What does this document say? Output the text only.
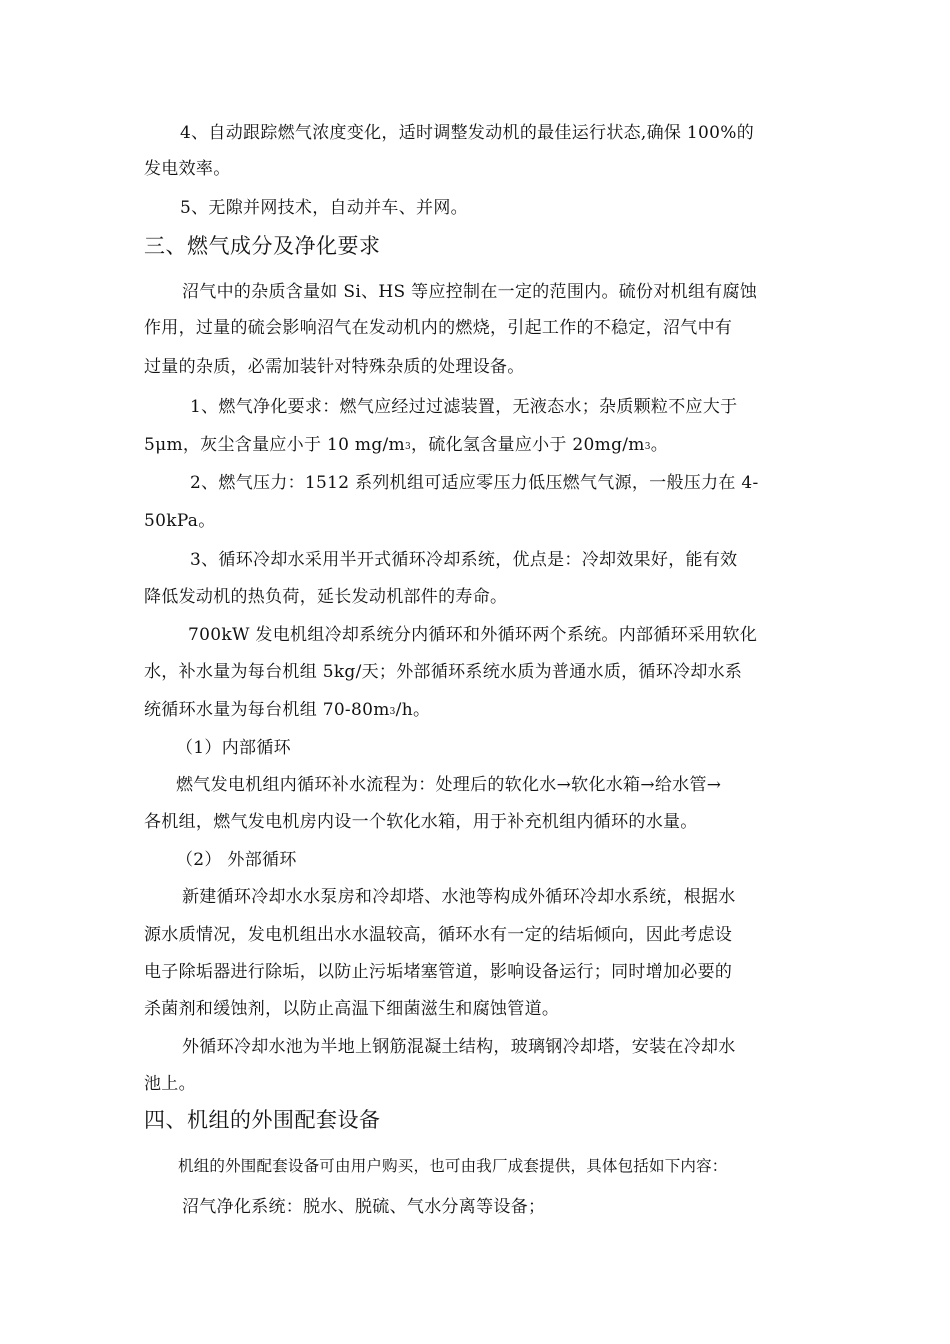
4、自动跟踪燃气浓度变化，适时调整发动机的最佳运行状态,确保 100%的
发电效率。
5、无隙并网技术，自动并车、并网。
三、燃气成分及净化要求
沼气中的杂质含量如 Si、HS 等应控制在一定的范围内。硫份对机组有腐蚀
作用，过量的硫会影响沼气在发动机内的燃烧，引起工作的不稳定，沼气中有
过量的杂质，必需加装针对特殊杂质的处理设备。
1、燃气净化要求：燃气应经过过滤装置，无液态水；杂质颗粒不应大于
5μm，灰尘含量应小于 10 $mg/m_3$，硫化氢含量应小于 $20mg/m_3$。
2、燃气压力：1512 系列机组可适应零压力低压燃气气源，一般压力在 4-
50kPa。
3、循环冷却水采用半开式循环冷却系统，优点是：冷却效果好，能有效
降低发动机的热负荷，延长发动机部件的寿命。
700kW 发电机组冷却系统分内循环和外循环两个系统。内部循环采用软化
水，补水量为每台机组 5kg/天；外部循环系统水质为普通水质，循环冷却水系
统循环水量为每台机组 $70-80m_3/h$。
（1）内部循环
燃气发电机组内循环补水流程为：处理后的软化水→软化水箱→给水管→
各机组，燃气发电机房内设一个软化水箱，用于补充机组内循环的水量。
（2） 外部循环
新建循环冷却水水泵房和冷却塔、水池等构成外循环冷却水系统，根据水
源水质情况，发电机组出水水温较高，循环水有一定的结垢倾向，因此考虑设
电子除垢器进行除垢，以防止污垢堵塞管道，影响设备运行；同时增加必要的
杀菌剂和缓蚀剂，以防止高温下细菌滋生和腐蚀管道。
外循环冷却水池为半地上钢筋混凝土结构，玻璃钢冷却塔，安装在冷却水
池上。
四、机组的外围配套设备
机组的外围配套设备可由用户购买，也可由我厂成套提供，具体包括如下内容：
沼气净化系统：脱水、脱硫、气水分离等设备；
